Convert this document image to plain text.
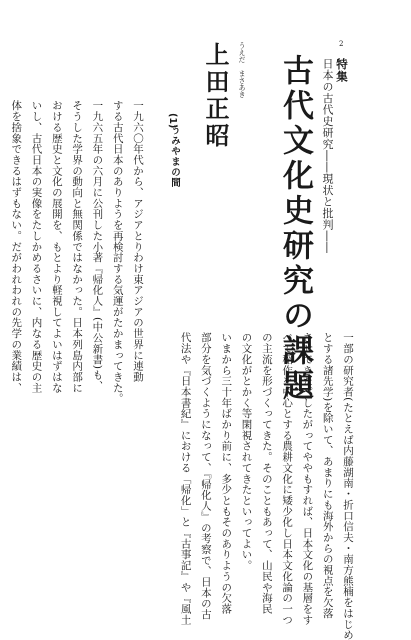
2
特集
日本の古代史研究――現状と批判――
古代文化史研究の課題
うえだ　まさあき
上田正昭
(1)
うみやまの間
一九六〇年代から、アジアとりわけ東アジアの世界に連動
する古代日本のありようを再検討する気運がたかまってきた。
一九六五年の六月に公刊した小著『帰化人』(中公新書)も、
そうした学界の動向と無関係ではなかった。日本列島内部に
おける歴史と文化の展開を、もとより軽視してよいはずはな
いし、古代日本の実像をたしかめるさいに、内なる歴史の主
体を捨象できるはずもない。だがわれわれの先学の業績は、
一部の研究者(たとえば内藤湖南・折口信夫・南方熊楠をはじめ
とする諸先学)を除いて、あまりにも海外からの視点を欠落
させてきた。したがってややもすれば、日本文化の基層をす
べて稲作を中心とする農耕文化に矮少化し日本文化論の一つ
の主流を形づくってきた。そのこともあって、山民や海民
の文化がとかく等閑視されてきたといってよい。
いまから三十年ばかり前に、多少ともそのありようの欠落
部分を気づくようになって、『帰化人』の考察で、日本の古
代法や『日本書紀』における「帰化」と『古事記』や『風土
